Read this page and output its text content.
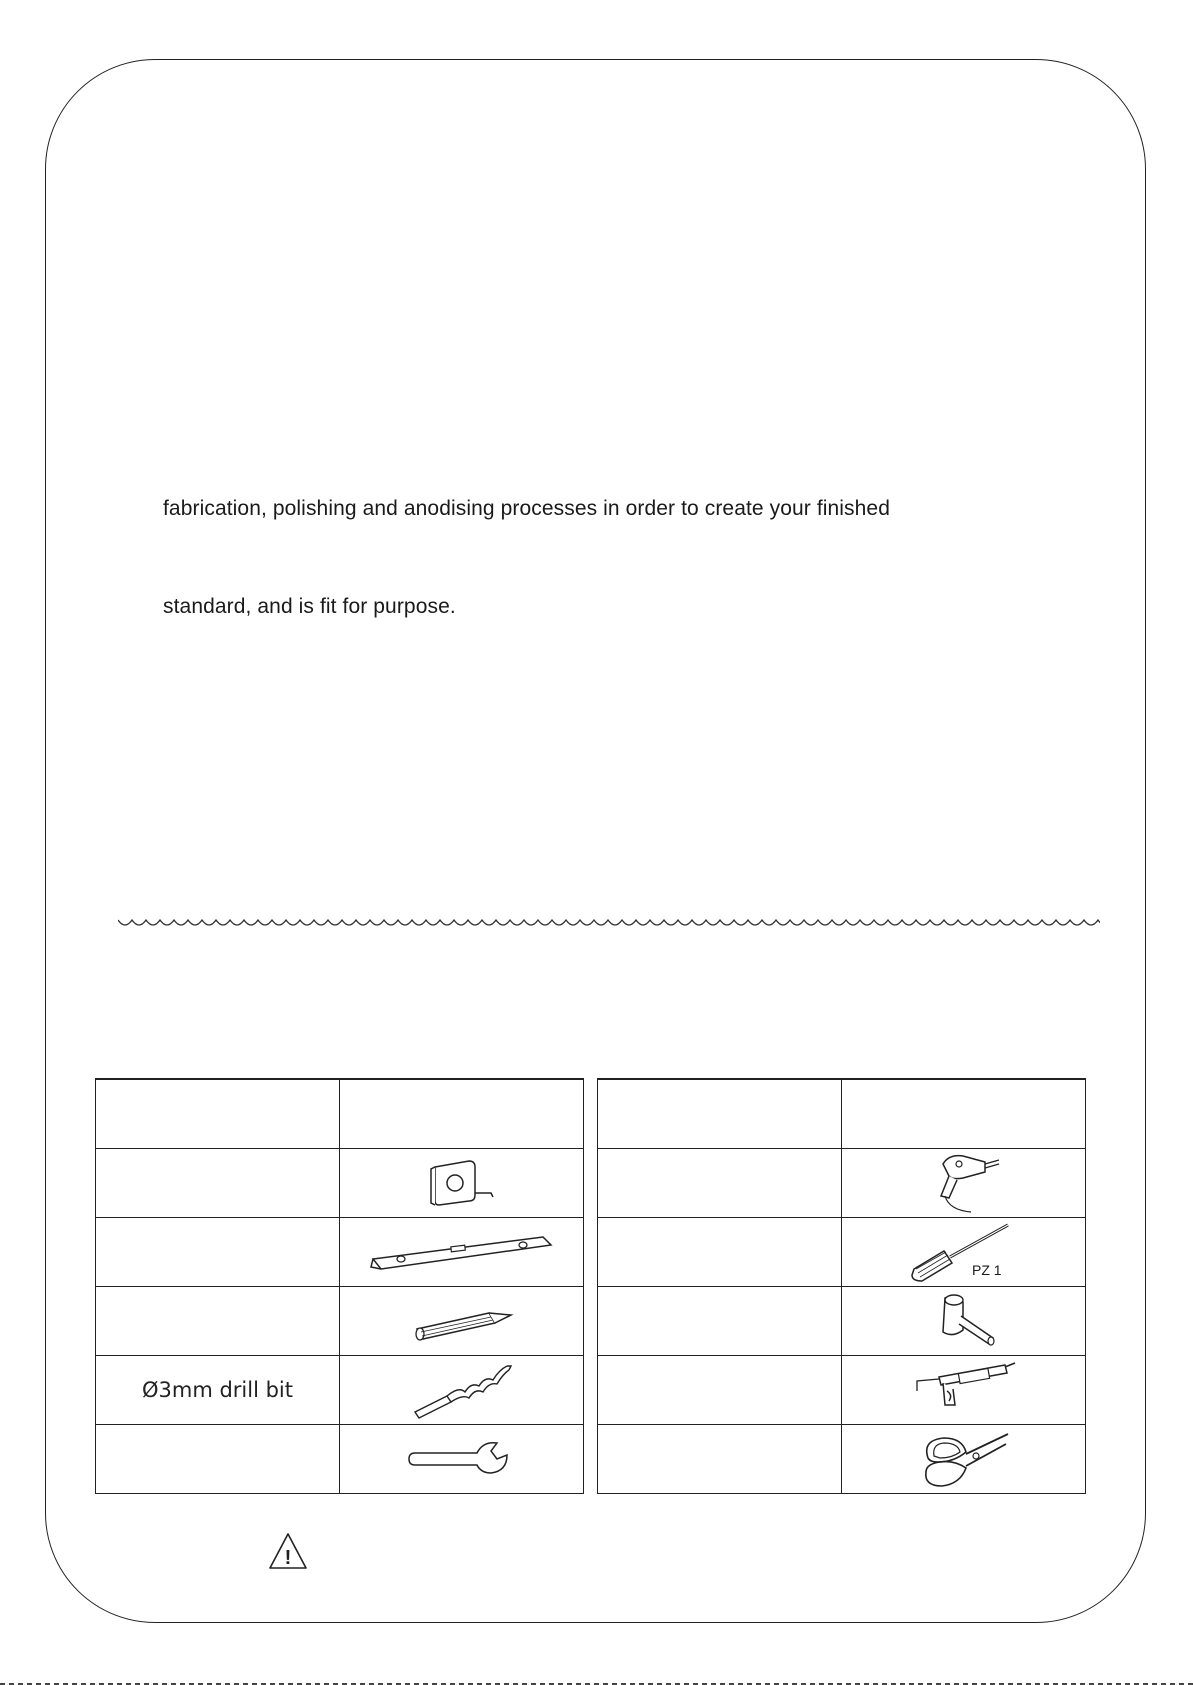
fabrication, polishing and anodising processes in order to create your finished
standard, and is fit for purpose.

Ø3mm drill bit	

	PZ 1

!
